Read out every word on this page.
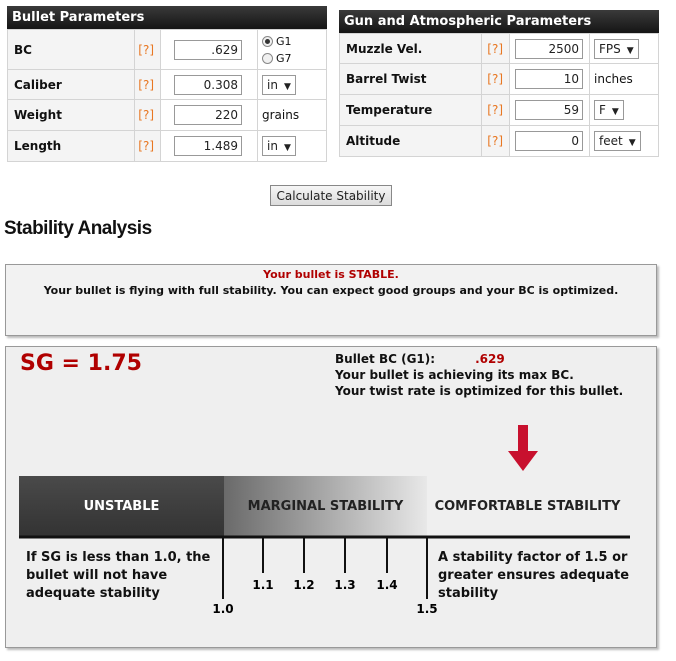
Bullet Parameters
BC	[?]	.629	G1
G7

Caliber	[?]	0.308	in ▼
Weight	[?]	220	grains
Length	[?]	1.489	in ▼
Gun and Atmospheric Parameters
Muzzle Vel.	[?]	2500	FPS ▼
Barrel Twist	[?]	10	inches
Temperature	[?]	59	F ▼
Altitude	[?]	0	feet ▼
Calculate Stability
Stability Analysis
Your bullet is STABLE.
Your bullet is flying with full stability. You can expect good groups and your BC is optimized.
SG = 1.75	Bullet BC (G1):	.629
Your bullet is achieving its max BC.
Your twist rate is optimized for this bullet.
UNSTABLE	MARGINAL STABILITY	COMFORTABLE STABILITY
1.0
1.1 1.2 1.3 1.4
1.5
If SG is less than 1.0, the
bullet will not have
adequate stability
A stability factor of 1.5 or
greater ensures adequate
stability
